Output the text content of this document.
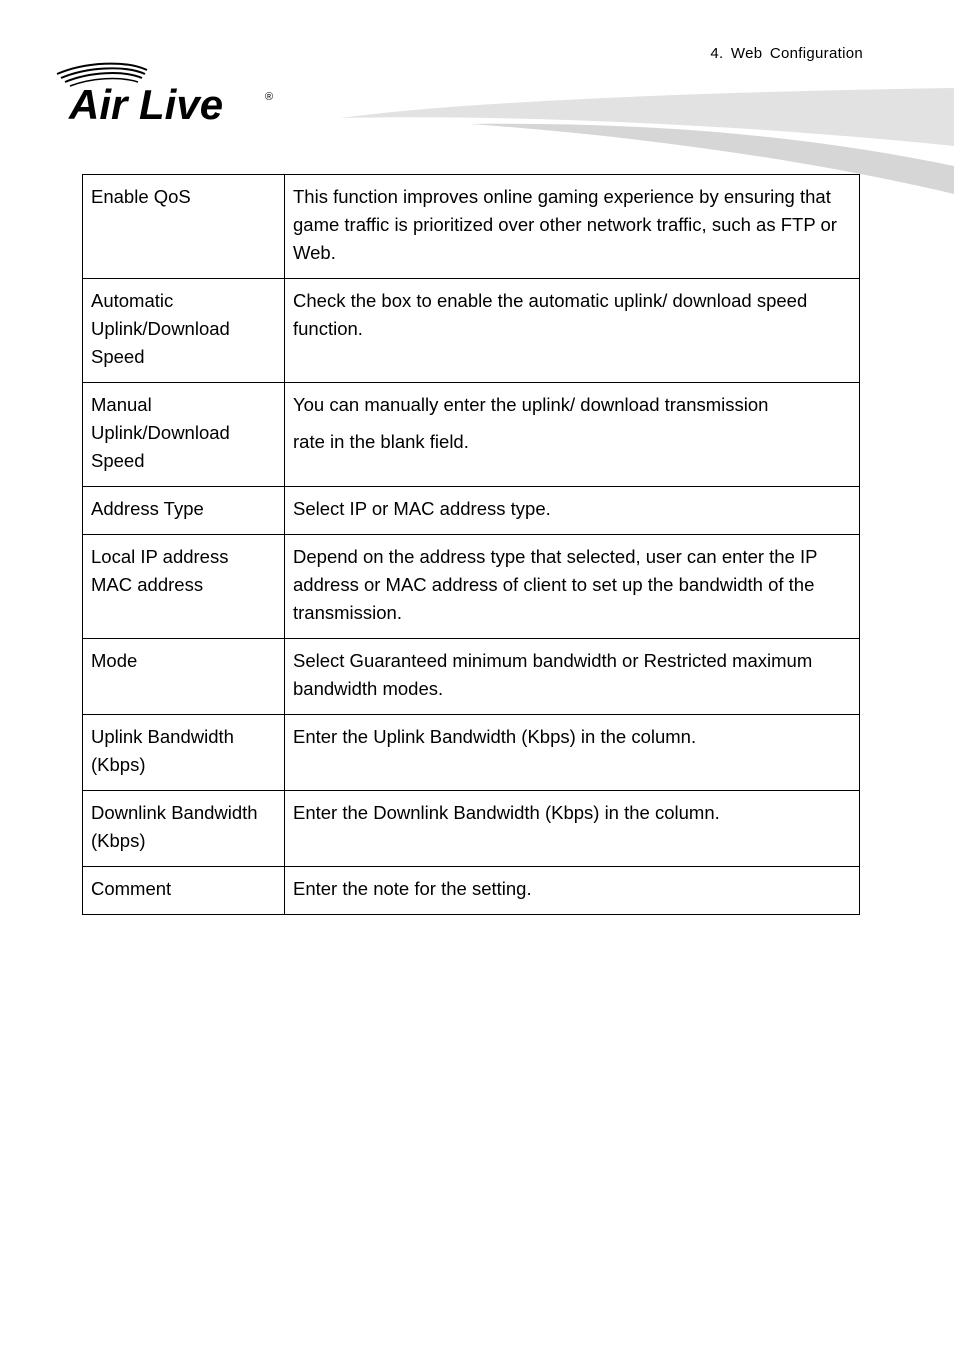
4. Web Configuration
Air Live	®
Enable QoS	This function improves online gaming experience by ensuring that game traffic is prioritized over other network traffic, such as FTP or Web.
Automatic Uplink/Download Speed	Check the box to enable the automatic uplink/ download speed function.
Manual Uplink/Download Speed	You can manually enter the uplink/ download transmission
rate in the blank field.

Address Type	Select IP or MAC address type.

Local IP address
MAC address	Depend on the address type that selected, user can enter the IP address or MAC address of client to set up the bandwidth of the transmission.
Mode	Select Guaranteed minimum bandwidth or Restricted maximum bandwidth modes.
Uplink Bandwidth (Kbps)	Enter the Uplink Bandwidth (Kbps) in the column.
Downlink Bandwidth (Kbps)	Enter the Downlink Bandwidth (Kbps) in the column.
Comment	Enter the note for the setting.
